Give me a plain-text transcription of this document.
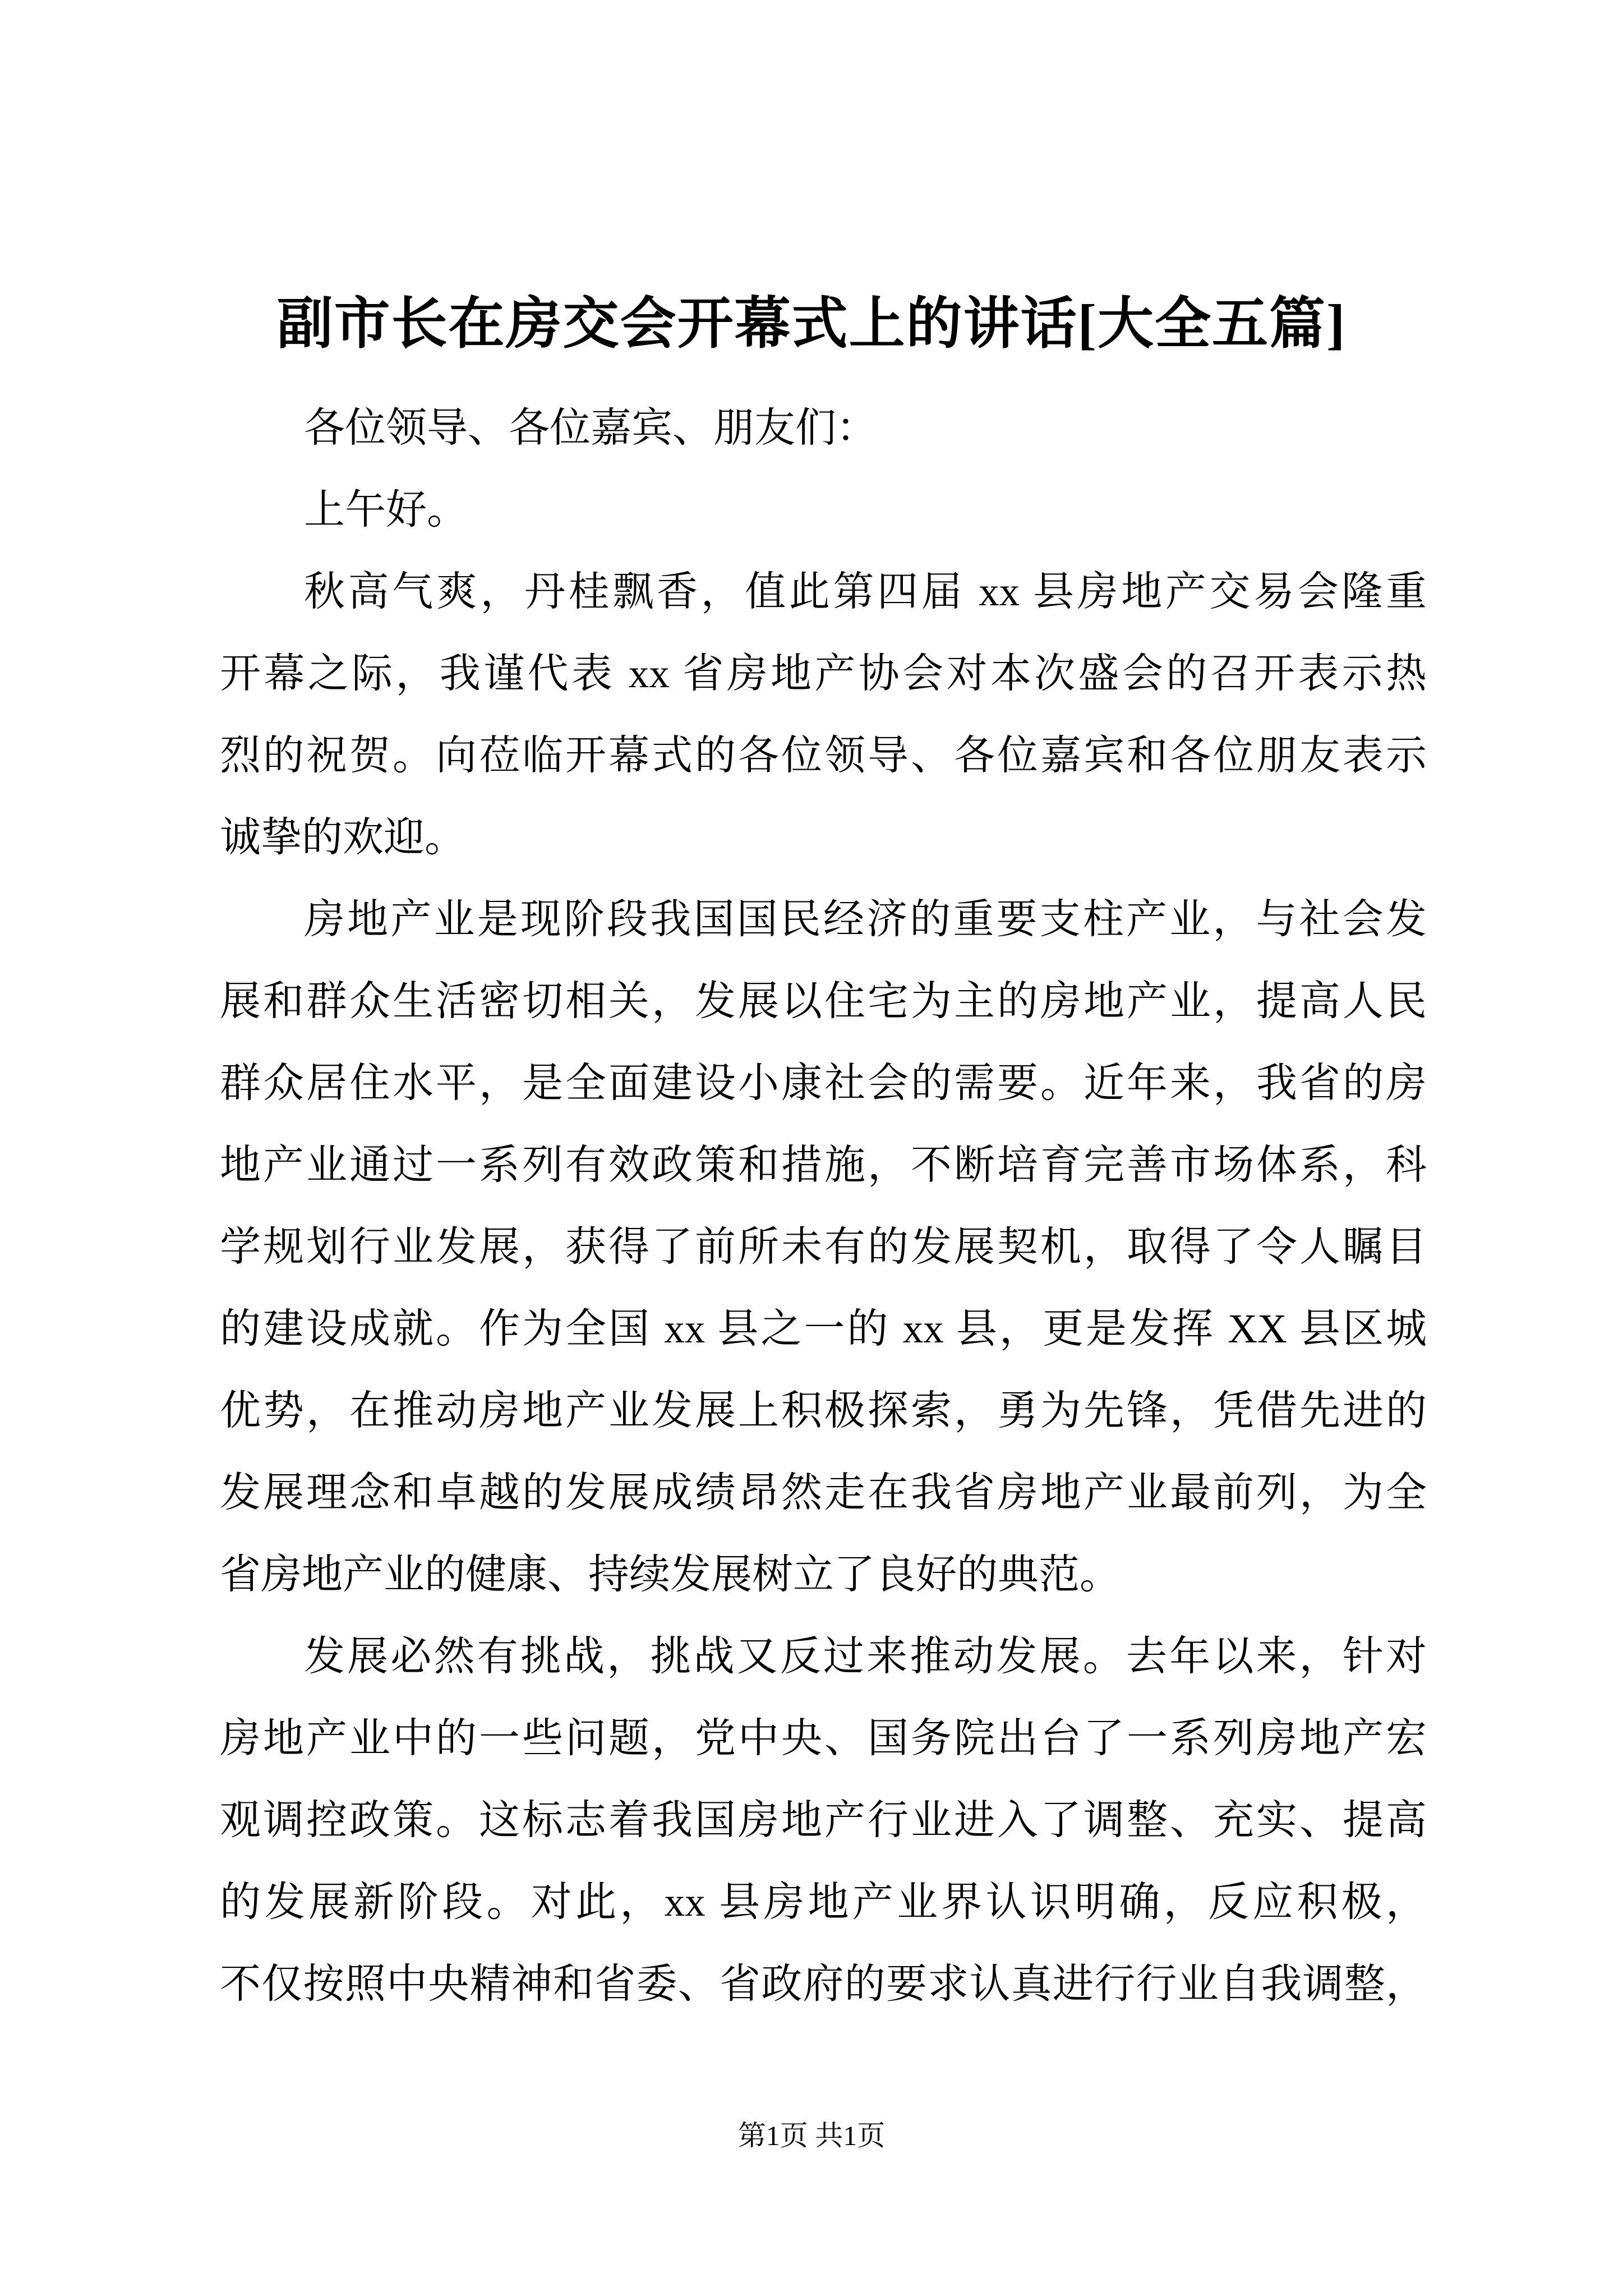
副市长在房交会开幕式上的讲话[大全五篇]
各位领导、各位嘉宾、朋友们：
上午好。
秋高气爽，丹桂飘香，值此第四届 xx 县房地产交易会隆重
开幕之际，我谨代表 xx 省房地产协会对本次盛会的召开表示热
烈的祝贺。向莅临开幕式的各位领导、各位嘉宾和各位朋友表示
诚挚的欢迎。
房地产业是现阶段我国国民经济的重要支柱产业，与社会发
展和群众生活密切相关，发展以住宅为主的房地产业，提高人民
群众居住水平，是全面建设小康社会的需要。近年来，我省的房
地产业通过一系列有效政策和措施，不断培育完善市场体系，科
学规划行业发展，获得了前所未有的发展契机，取得了令人瞩目
的建设成就。作为全国 xx 县之一的 xx 县，更是发挥 XX 县区城
优势，在推动房地产业发展上积极探索，勇为先锋，凭借先进的
发展理念和卓越的发展成绩昂然走在我省房地产业最前列，为全
省房地产业的健康、持续发展树立了良好的典范。
发展必然有挑战，挑战又反过来推动发展。去年以来，针对
房地产业中的一些问题，党中央、国务院出台了一系列房地产宏
观调控政策。这标志着我国房地产行业进入了调整、充实、提高
的发展新阶段。对此，xx 县房地产业界认识明确，反应积极，
不仅按照中央精神和省委、省政府的要求认真进行行业自我调整，
第1页 共1页
